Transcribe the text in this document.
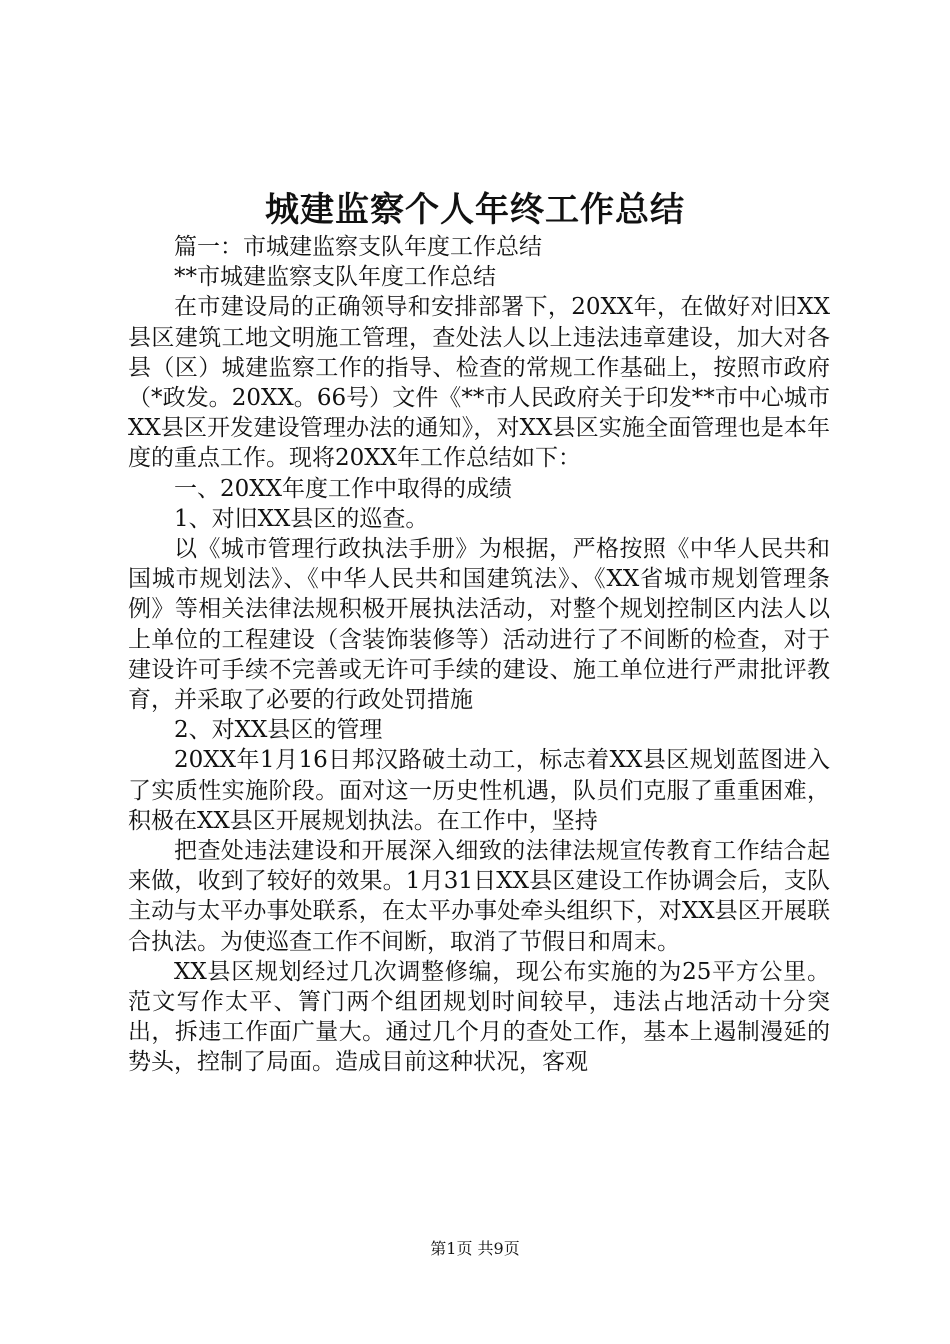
城建监察个人年终工作总结

篇一：市城建监察支队年度工作总结

**市城建监察支队年度工作总结

在市建设局的正确领导和安排部署下，20XX年，在做好对旧XX县区建筑工地文明施工管理，查处法人以上违法违章建设，加大对各县（区）城建监察工作的指导、检查的常规工作基础上，按照市政府（*政发。20XX。66号）文件《**市人民政府关于印发**市中心城市XX县区开发建设管理办法的通知》，对XX县区实施全面管理也是本年度的重点工作。现将20XX年工作总结如下：

一、20XX年度工作中取得的成绩

1、对旧XX县区的巡查。

以《城市管理行政执法手册》为根据，严格按照《中华人民共和国城市规划法》、《中华人民共和国建筑法》、《XX省城市规划管理条例》等相关法律法规积极开展执法活动，对整个规划控制区内法人以上单位的工程建设（含装饰装修等）活动进行了不间断的检查，对于建设许可手续不完善或无许可手续的建设、施工单位进行严肃批评教育，并采取了必要的行政处罚措施

2、对XX县区的管理

20XX年1月16日邦汉路破土动工，标志着XX县区规划蓝图进入了实质性实施阶段。面对这一历史性机遇，队员们克服了重重困难，积极在XX县区开展规划执法。在工作中，坚持

把查处违法建设和开展深入细致的法律法规宣传教育工作结合起来做，收到了较好的效果。1月31日XX县区建设工作协调会后，支队主动与太平办事处联系，在太平办事处牵头组织下，对XX县区开展联合执法。为使巡查工作不间断，取消了节假日和周末。

XX县区规划经过几次调整修编，现公布实施的为25平方公里。范文写作太平、箐门两个组团规划时间较早，违法占地活动十分突出，拆违工作面广量大。通过几个月的查处工作，基本上遏制漫延的势头，控制了局面。造成目前这种状况，客观

第1页 共9页
